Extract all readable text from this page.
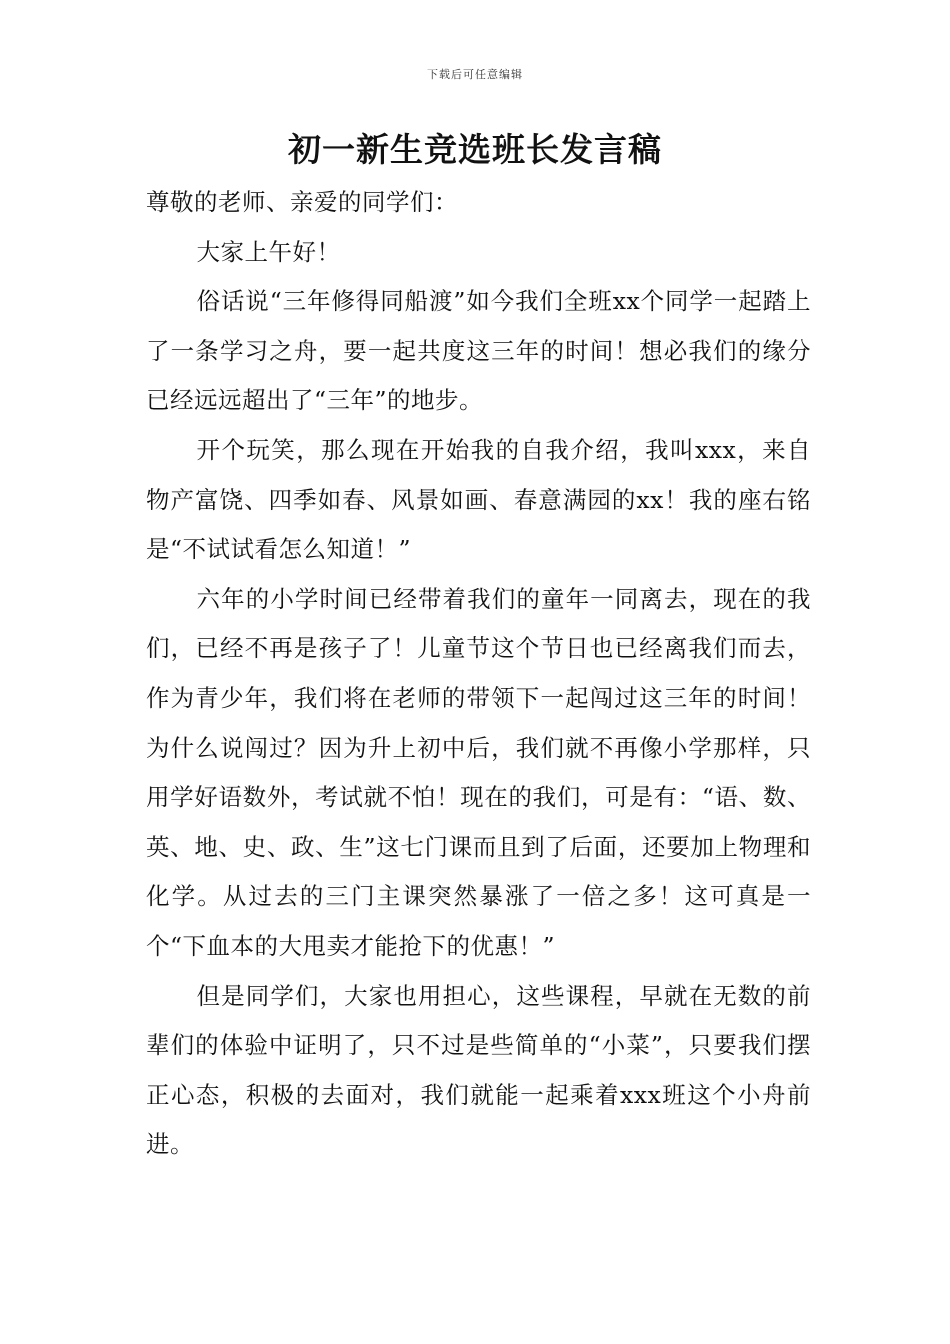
下载后可任意编辑
初一新生竞选班长发言稿

尊敬的老师、亲爱的同学们：

大家上午好！

俗话说“三年修得同船渡”如今我们全班xx个同学一起踏上了一条学习之舟，要一起共度这三年的时间！想必我们的缘分已经远远超出了“三年”的地步。

开个玩笑，那么现在开始我的自我介绍，我叫xxx，来自物产富饶、四季如春、风景如画、春意满园的xx！我的座右铭是“不试试看怎么知道！”

六年的小学时间已经带着我们的童年一同离去，现在的我们，已经不再是孩子了！儿童节这个节日也已经离我们而去，作为青少年，我们将在老师的带领下一起闯过这三年的时间！为什么说闯过？因为升上初中后，我们就不再像小学那样，只用学好语数外，考试就不怕！现在的我们，可是有：“语、数、英、地、史、政、生”这七门课而且到了后面，还要加上物理和化学。从过去的三门主课突然暴涨了一倍之多！这可真是一个“下血本的大甩卖才能抢下的优惠！”

但是同学们，大家也用担心，这些课程，早就在无数的前辈们的体验中证明了，只不过是些简单的“小菜”，只要我们摆正心态，积极的去面对，我们就能一起乘着xxx班这个小舟前进。
